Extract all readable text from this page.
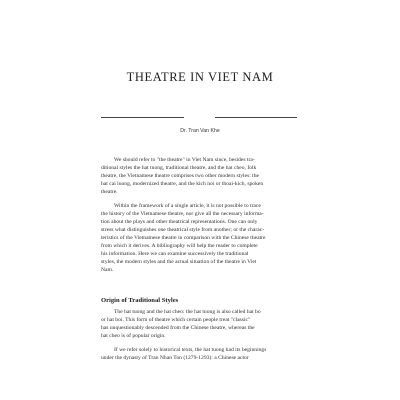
THEATRE IN VIET NAM
Dr. Tran Van Khe
We should refer to "the theatre" in Viet Nam since, besides tra-
ditional styles the hat tuong, traditional theatre, and the hat cheo, folk
theatre, the Vietnamese theatre comprises two other modern styles: the
hat cai luong, modernized theatre, and the kich noi or thoai-kich, spoken
theatre.
Within the framework of a single article, it is not possible to trace
the history of the Vietnamese theatre, nor give all the necessary informa-
tion about the plays and other theatrical representations. One can only
stress what distinguishes one theatrical style from another; or the charac-
teristics of the Vietnamese theatre in comparison with the Chinese theatre
from which it derives. A bibliography will help the reader to complete
his information. Here we can examine successively the traditional
styles, the modern styles and the actual situation of the theatre in Viet
Nam.
Origin of Traditional Styles
The hat tuong and the hat cheo: the hat tuong is also called hat bo
or hat boi. This form of theatre which certain people treat "classic"
has unquestionably descended from the Chinese theatre, whereas the
hat cheo is of popular origin.
If we refer solely to historical texts, the hat tuong had its beginnings
under the dynasty of Tran Nhan Ton (1279-1293): a Chinese actor
